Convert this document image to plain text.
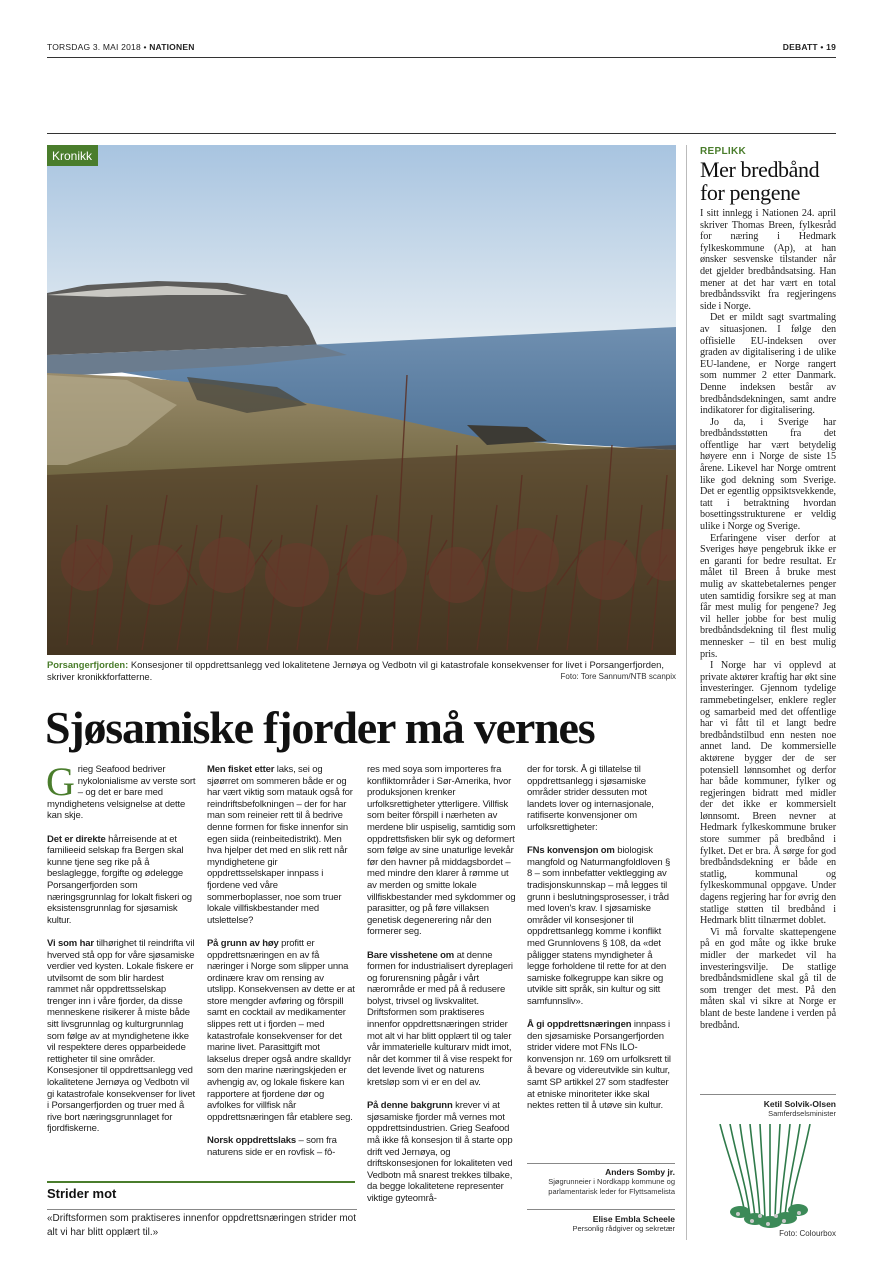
TORSDAG 3. MAI 2018 • NATIONEN	DEBATT • 19
Kronikk
Porsangerfjorden: Konsesjoner til oppdrettsanlegg ved lokalitetene Jernøya og Vedbotn vil gi katastrofale konsekvenser for livet i Porsangerfjorden, skriver kronikkforfatterne.	Foto: Tore Sannum/NTB scanpix
Sjøsamiske fjorder må vernes

Grieg Seafood bedriver nykolonialisme av verste sort – og det er bare med myndighetens velsignelse at dette kan skje.

Det er direkte hårreisende at et familieeid selskap fra Bergen skal kunne tjene seg rike på å beslaglegge, forgifte og ødelegge Porsangerfjorden som næringsgrunnlag for lokalt fiskeri og eksistensgrunnlag for sjøsamisk kultur.

Vi som har tilhørighet til reindrifta vil hverved stå opp for våre sjøsamiske verdier ved kysten. Lokale fiskere er utvilsomt de som blir hardest rammet når oppdrettsselskap trenger inn i våre fjorder, da disse menneskene risikerer å miste både sitt livsgrunnlag og kulturgrunnlag som følge av at myndighetene ikke vil respektere deres opparbeidede rettigheter til sine områder. Konsesjoner til oppdrettsanlegg ved lokalitetene Jernøya og Vedbotn vil gi katastrofale konsekvenser for livet i Porsangerfjorden og truer med å rive bort næringsgrunnlaget for fjordfiskerne.

Men fisket etter laks, sei og sjøørret om sommeren både er og har vært viktig som matauk også for reindriftsbefolkningen – der for har man som reineier rett til å bedrive denne formen for fiske innenfor sin egen siida (reinbeitedistrikt). Men hva hjelper det med en slik rett når myndighetene gir oppdrettsselskaper innpass i fjordene ved våre sommerboplasser, noe som truer lokale villfiskbestander med utslettelse?

På grunn av høy profitt er oppdrettsnæringen en av få næringer i Norge som slipper unna ordinære krav om rensing av utslipp. Konsekvensen av dette er at store mengder avføring og fôrspill samt en cocktail av medikamenter slippes rett ut i fjorden – med katastrofale konsekvenser for det marine livet. Parasittgift mot lakselus dreper også andre skalldyr som den marine næringskjeden er avhengig av, og lokale fiskere kan rapportere at fjordene dør og avfolkes for villfisk når oppdrettsnæringen får etablere seg.

Norsk oppdrettslaks – som fra naturens side er en rovfisk – fô-

res med soya som importeres fra konfliktområder i Sør-Amerika, hvor produksjonen krenker urfolksrettigheter ytterligere. Villfisk som beiter fôrspill i nærheten av merdene blir uspiselig, samtidig som oppdrettsfisken blir syk og deformert som følge av sine unaturlige levekår før den havner på middagsbordet – med mindre den klarer å rømme ut av merden og smitte lokale villfiskbestander med sykdommer og parasitter, og på føre villaksen genetisk degenerering når den formerer seg.

Bare visshetene om at denne formen for industrialisert dyreplageri og forurensning pågår i vårt nærområde er med på å redusere bolyst, trivsel og livskvalitet. Driftsformen som praktiseres innenfor oppdrettsnæringen strider mot alt vi har blitt opplært til og taler vår immaterielle kulturarv midt imot, når det kommer til å vise respekt for det levende livet og naturens kretsløp som vi er en del av.

På denne bakgrunn krever vi at sjøsamiske fjorder må vernes mot oppdrettsindustrien. Grieg Seafood må ikke få konsesjon til å starte opp drift ved Jernøya, og driftskonsesjonen for lokaliteten ved Vedbotn må snarest trekkes tilbake, da begge lokalitetene representer viktige gyteområ-

der for torsk. Å gi tillatelse til oppdrettsanlegg i sjøsamiske områder strider dessuten mot landets lover og internasjonale, ratifiserte konvensjoner om urfolksrettigheter:

FNs konvensjon om biologisk mangfold og Naturmangfoldloven § 8 – som innbefatter vektlegging av tradisjonskunnskap – må legges til grunn i beslutningsprosesser, i tråd med loven's krav. I sjøsamiske områder vil konsesjoner til oppdrettsanlegg komme i konflikt med Grunnlovens § 108, da «det påligger statens myndigheter å legge forholdene til rette for at den samiske folkegruppe kan sikre og utvikle sitt språk, sin kultur og sitt samfunnsliv».

Å gi oppdrettsnæringen innpass i den sjøsamiske Porsangerfjorden strider videre mot FNs ILO-konvensjon nr. 169 om urfolksrett til å bevare og videreutvikle sin kultur, samt SP artikkel 27 som stadfester at etniske minoriteter ikke skal nektes retten til å utøve sin kultur.

Anders Somby jr.
Sjøgrunneier i Nordkapp kommune og parlamentarisk leder for Flyttsamelista
Elise Embla Scheele
Personlig rådgiver og sekretær
Strider mot
«Driftsformen som praktiseres innenfor oppdrettsnæringen strider mot alt vi har blitt opplært til.»
REPLIKK
Mer bredbånd for pengene

I sitt innlegg i Nationen 24. april skriver Thomas Breen, fylkesråd for næring i Hedmark fylkeskommune (Ap), at han ønsker sesvenske tilstander når det gjelder bredbåndsatsing. Han mener at det har vært en total bredbåndssvikt fra regjeringens side i Norge.

Det er mildt sagt svartmaling av situasjonen. I følge den offisielle EU-indeksen over graden av digitalisering i de ulike EU-landene, er Norge rangert som nummer 2 etter Danmark. Denne indeksen består av bredbåndsdekningen, samt andre indikatorer for digitalisering.

Jo da, i Sverige har bredbåndsstøtten fra det offentlige har vært betydelig høyere enn i Norge de siste 15 årene. Likevel har Norge omtrent like god dekning som Sverige. Det er egentlig oppsiktsvekkende, tatt i betraktning hvordan bosettingsstrukturene er veldig ulike i Norge og Sverige.

Erfaringene viser derfor at Sveriges høye pengebruk ikke er en garanti for bedre resultat. Er målet til Breen å bruke mest mulig av skattebetalernes penger uten samtidig forsikre seg at man får mest mulig for pengene? Jeg vil heller jobbe for best mulig bredbåndsdekning til flest mulig mennesker – til en best mulig pris.

I Norge har vi opplevd at private aktører kraftig har økt sine investeringer. Gjennom tydelige rammebetingelser, enklere regler og samarbeid med det offentlige har vi fått til et langt bedre bredbåndstilbud enn nesten noe annet land. De kommersielle aktørene bygger der de ser potensiell lønnsomhet og derfor har både kommuner, fylker og regjeringen bidratt med midler der det ikke er kommersielt lønnsomt. Breen nevner at Hedmark fylkeskommune bruker store summer på bredbånd i fylket. Det er bra. Å sørge for god bredbåndsdekning er både en statlig, kommunal og fylkeskommunal oppgave. Under dagens regjering har for øvrig den statlige støtten til bredbånd i Hedmark blitt tilnærmet doblet.

Vi må forvalte skattepengene på en god måte og ikke bruke midler der markedet vil ha investeringsvilje. De statlige bredbåndsmidlene skal gå til de som trenger det mest. På den måten skal vi sikre at Norge er blant de beste landene i verden på bredbånd.

Ketil Solvik-Olsen
Samferdselsminister
Foto: Colourbox
